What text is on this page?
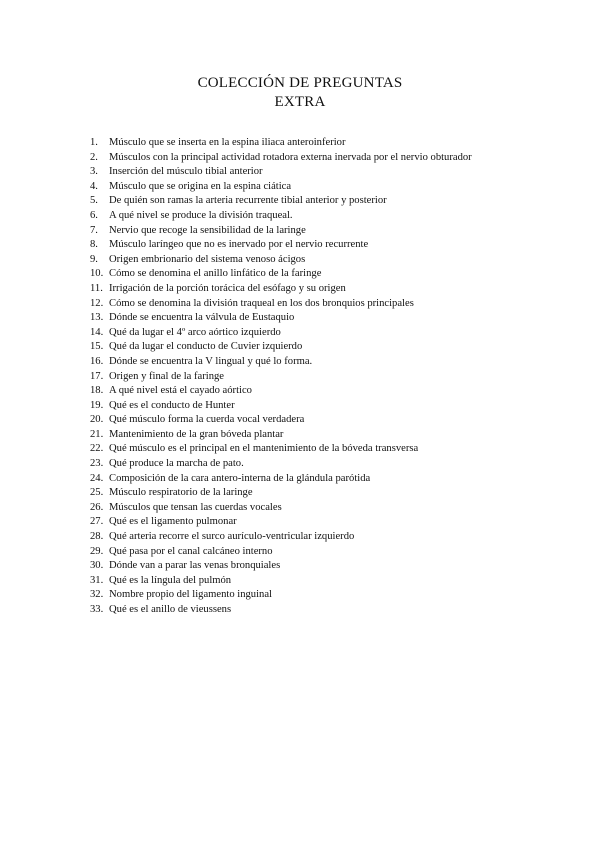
COLECCIÓN DE PREGUNTAS
EXTRA
1.	Músculo que se inserta en la espina iliaca anteroinferior
2.	Músculos con la principal actividad rotadora externa inervada por el nervio obturador
3.	Inserción del músculo tibial anterior
4.	Músculo que se origina en la espina ciática
5.	De quién son ramas la arteria recurrente tibial anterior y posterior
6.	A qué nivel se produce la división traqueal.
7.	Nervio que recoge la sensibilidad de la laringe
8.	Músculo laríngeo que no es inervado por el nervio recurrente
9.	Origen embrionario del sistema venoso ácigos
10. Cómo se denomina el anillo linfático de la faringe
11. Irrigación de la porción torácica del esófago y su origen
12. Cómo se denomina la división traqueal en los dos bronquios principales
13. Dónde se encuentra la válvula de Eustaquio
14. Qué da lugar el 4º arco aórtico izquierdo
15. Qué da lugar el conducto de Cuvier izquierdo
16. Dónde se encuentra la V lingual y qué lo forma.
17. Origen y final de la faringe
18. A qué nivel está el cayado aórtico
19. Qué es el conducto de Hunter
20. Qué músculo forma la cuerda vocal verdadera
21. Mantenimiento de la gran bóveda plantar
22. Qué músculo es el principal en el mantenimiento de la bóveda transversa
23. Qué produce la marcha de pato.
24. Composición de la cara antero-interna de la glándula parótida
25. Músculo respiratorio de la laringe
26. Músculos que tensan las cuerdas vocales
27. Qué es el ligamento pulmonar
28. Qué arteria recorre el surco aurículo-ventricular izquierdo
29. Qué pasa por el canal calcáneo interno
30. Dónde van a parar las venas bronquiales
31. Qué es la língula del pulmón
32. Nombre propio del ligamento inguinal
33. Qué es el anillo de vieussens
